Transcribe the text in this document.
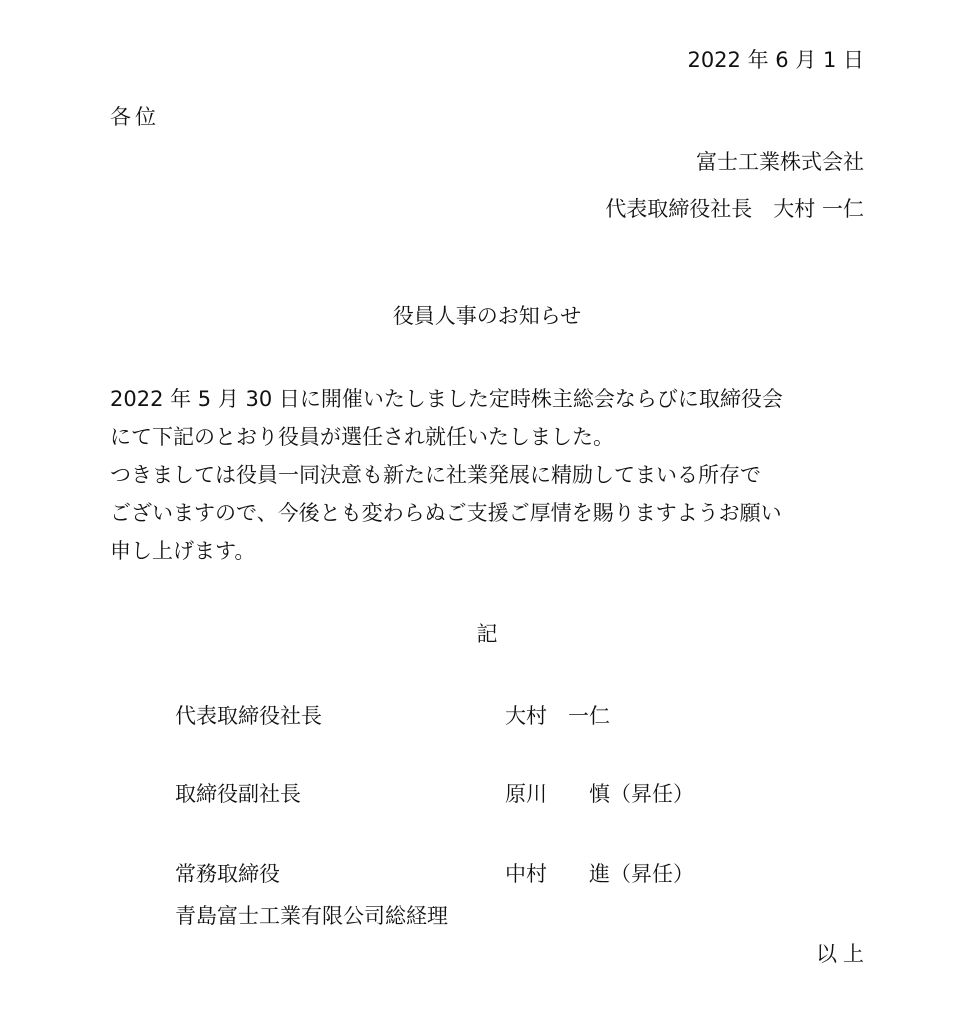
2022 年 6 月 1 日
各位
富士工業株式会社
代表取締役社長　大村 一仁
役員人事のお知らせ

2022 年 5 月 30 日に開催いたしました定時株主総会ならびに取締役会

にて下記のとおり役員が選任され就任いたしました。

つきましては役員一同決意も新たに社業発展に精励してまいる所存で

ございますので、今後とも変わらぬご支援ご厚情を賜りますようお願い

申し上げます。

記
代表取締役社長	大村　一仁
取締役副社長	原川　　慎（昇任）
常務取締役	中村　　進（昇任）
青島富士工業有限公司総経理
以上
